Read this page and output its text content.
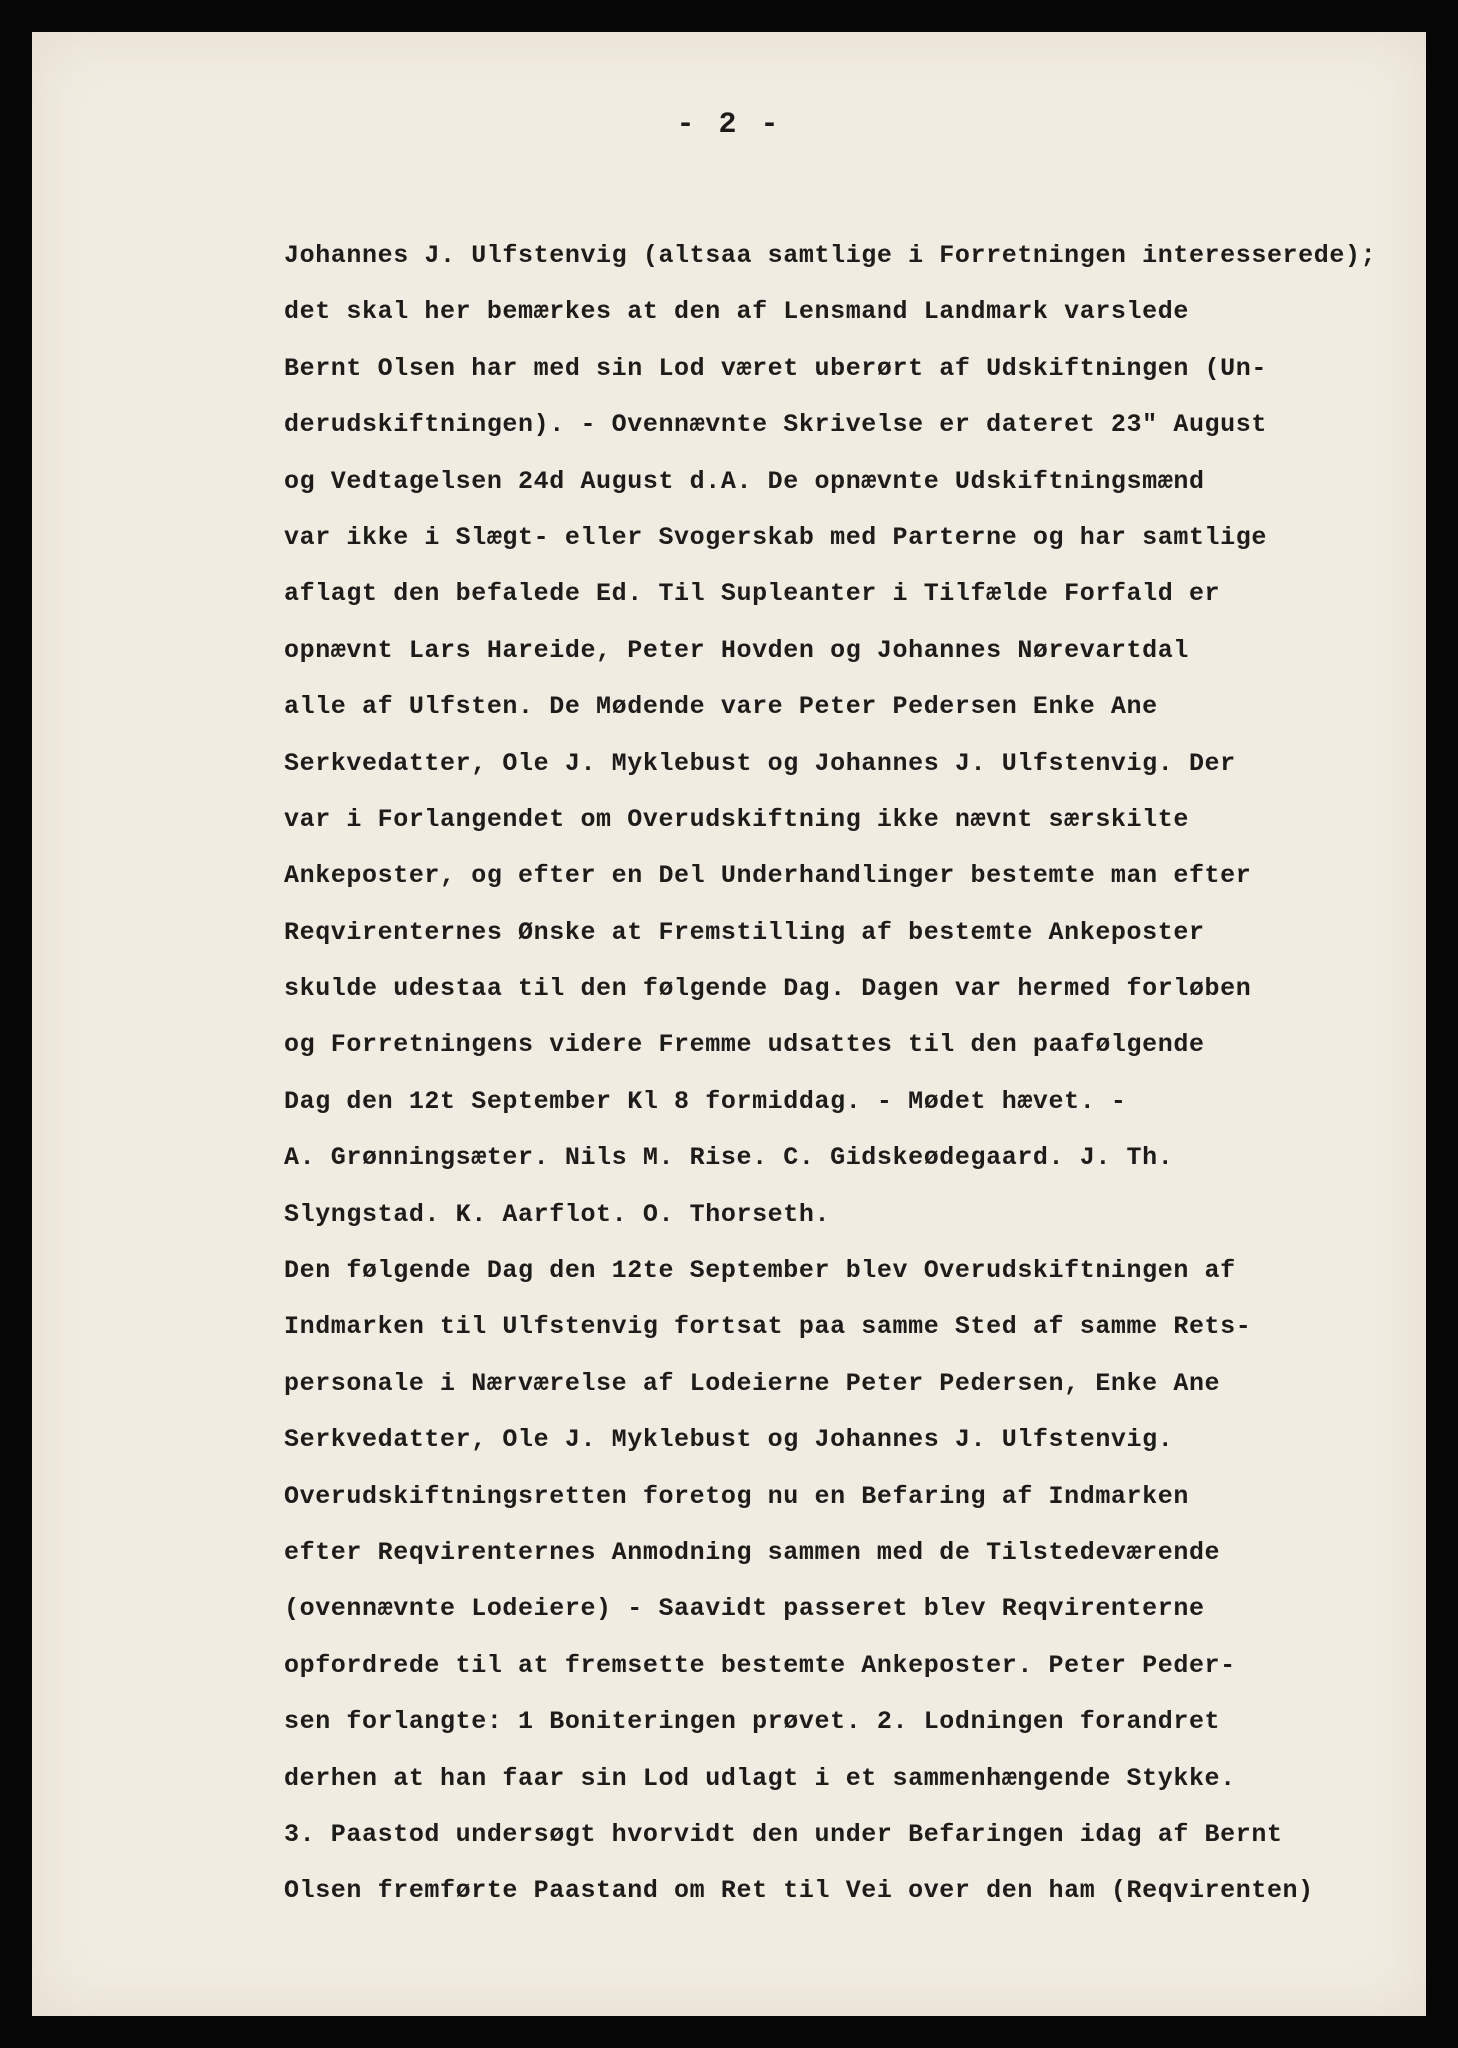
- 2 -
Johannes J. Ulfstenvig (altsaa samtlige i Forretningen interesserede);
det skal her bemærkes at den af Lensmand Landmark varslede
Bernt Olsen har med sin Lod været uberørt af Udskiftningen (Un-
derudskiftningen). - Ovennævnte Skrivelse er dateret 23" August
og Vedtagelsen 24d August d.A. De opnævnte Udskiftningsmænd
var ikke i Slægt- eller Svogerskab med Parterne og har samtlige
aflagt den befalede Ed. Til Supleanter i Tilfælde Forfald er
opnævnt Lars Hareide, Peter Hovden og Johannes Nørevartdal
alle af Ulfsten. De Mødende vare Peter Pedersen Enke Ane
Serkvedatter, Ole J. Myklebust og Johannes J. Ulfstenvig. Der
var i Forlangendet om Overudskiftning ikke nævnt særskilte
Ankeposter, og efter en Del Underhandlinger bestemte man efter
Reqvirenternes Ønske at Fremstilling af bestemte Ankeposter
skulde udestaa til den følgende Dag. Dagen var hermed forløben
og Forretningens videre Fremme udsattes til den paafølgende
Dag den 12t September Kl 8 formiddag. - Mødet hævet. -
A. Grønningsæter. Nils M. Rise. C. Gidskeødegaard. J. Th.
Slyngstad. K. Aarflot. O. Thorseth.
Den følgende Dag den 12te September blev Overudskiftningen af
Indmarken til Ulfstenvig fortsat paa samme Sted af samme Rets-
personale i Nærværelse af Lodeierne Peter Pedersen, Enke Ane
Serkvedatter, Ole J. Myklebust og Johannes J. Ulfstenvig.
Overudskiftningsretten foretog nu en Befaring af Indmarken
efter Reqvirenternes Anmodning sammen med de Tilstedeværende
(ovennævnte Lodeiere) - Saavidt passeret blev Reqvirenterne
opfordrede til at fremsette bestemte Ankeposter. Peter Peder-
sen forlangte: 1 Boniteringen prøvet. 2. Lodningen forandret
derhen at han faar sin Lod udlagt i et sammenhængende Stykke.
3. Paastod undersøgt hvorvidt den under Befaringen idag af Bernt
Olsen fremførte Paastand om Ret til Vei over den ham (Reqvirenten)
